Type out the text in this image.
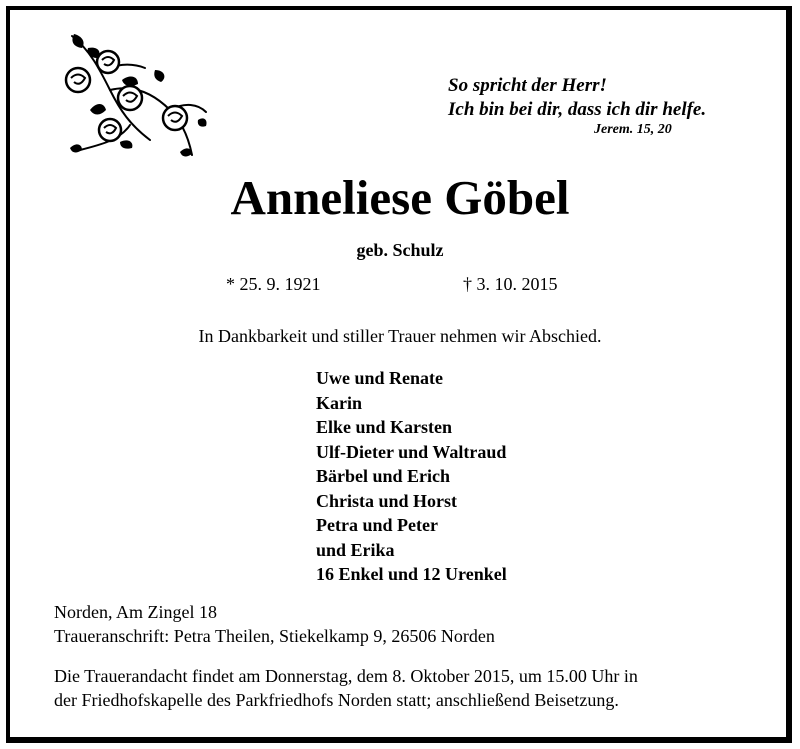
So spricht der Herr!
Ich bin bei dir, dass ich dir helfe.
Jerem. 15, 20
Anneliese Göbel
geb. Schulz
* 25. 9. 1921	† 3. 10. 2015
In Dankbarkeit und stiller Trauer nehmen wir Abschied.
Uwe und Renate
Karin
Elke und Karsten
Ulf-Dieter und Waltraud
Bärbel und Erich
Christa und Horst
Petra und Peter
und Erika
16 Enkel und 12 Urenkel
Norden, Am Zingel 18
Traueranschrift: Petra Theilen, Stiekelkamp 9, 26506 Norden
Die Trauerandacht findet am Donnerstag, dem 8. Oktober 2015, um 15.00 Uhr in
der Friedhofskapelle des Parkfriedhofs Norden statt; anschließend Beisetzung.
